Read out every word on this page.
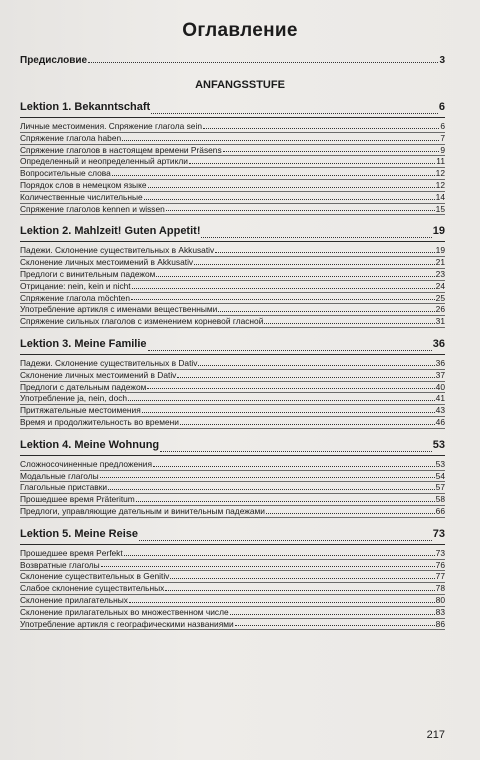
Оглавление
Предисловие	3
ANFANGSSTUFE
Lektion 1. Bekanntschaft	6
Личные местоимения. Спряжение глагола sein	6
Спряжение глагола haben	7
Спряжение глаголов в настоящем времени Präsens	9
Определенный и неопределенный артикли	11
Вопросительные слова	12
Порядок слов в немецком языке	12
Количественные числительные	14
Спряжение глаголов kennen и wissen	15
Lektion 2. Mahlzeit! Guten Appetit!	19
Падежи. Склонение существительных в Akkusativ	19
Склонение личных местоимений в Akkusativ	21
Предлоги с винительным падежом	23
Отрицание: nein, kein и nicht	24
Спряжение глагола möchten	25
Употребление артикля с именами вещественными	26
Спряжение сильных глаголов с изменением корневой гласной	31
Lektion 3. Meine Familie	36
Падежи. Склонение существительных в Dativ	36
Склонение личных местоимений в Dativ	37
Предлоги с дательным падежом	40
Употребление ja, nein, doch	41
Притяжательные местоимения	43
Время и продолжительность во времени	46
Lektion 4. Meine Wohnung	53
Сложносочиненные предложения	53
Модальные глаголы	54
Глагольные приставки	57
Прошедшее время Präteritum	58
Предлоги, управляющие дательным и винительным падежами	66
Lektion 5. Meine Reise	73
Прошедшее время Perfekt	73
Возвратные глаголы	76
Склонение существительных в Genitiv	77
Слабое склонение существительных	78
Склонение прилагательных	80
Склонение прилагательных во множественном числе	83
Употребление артикля с географическими названиями	86
217
